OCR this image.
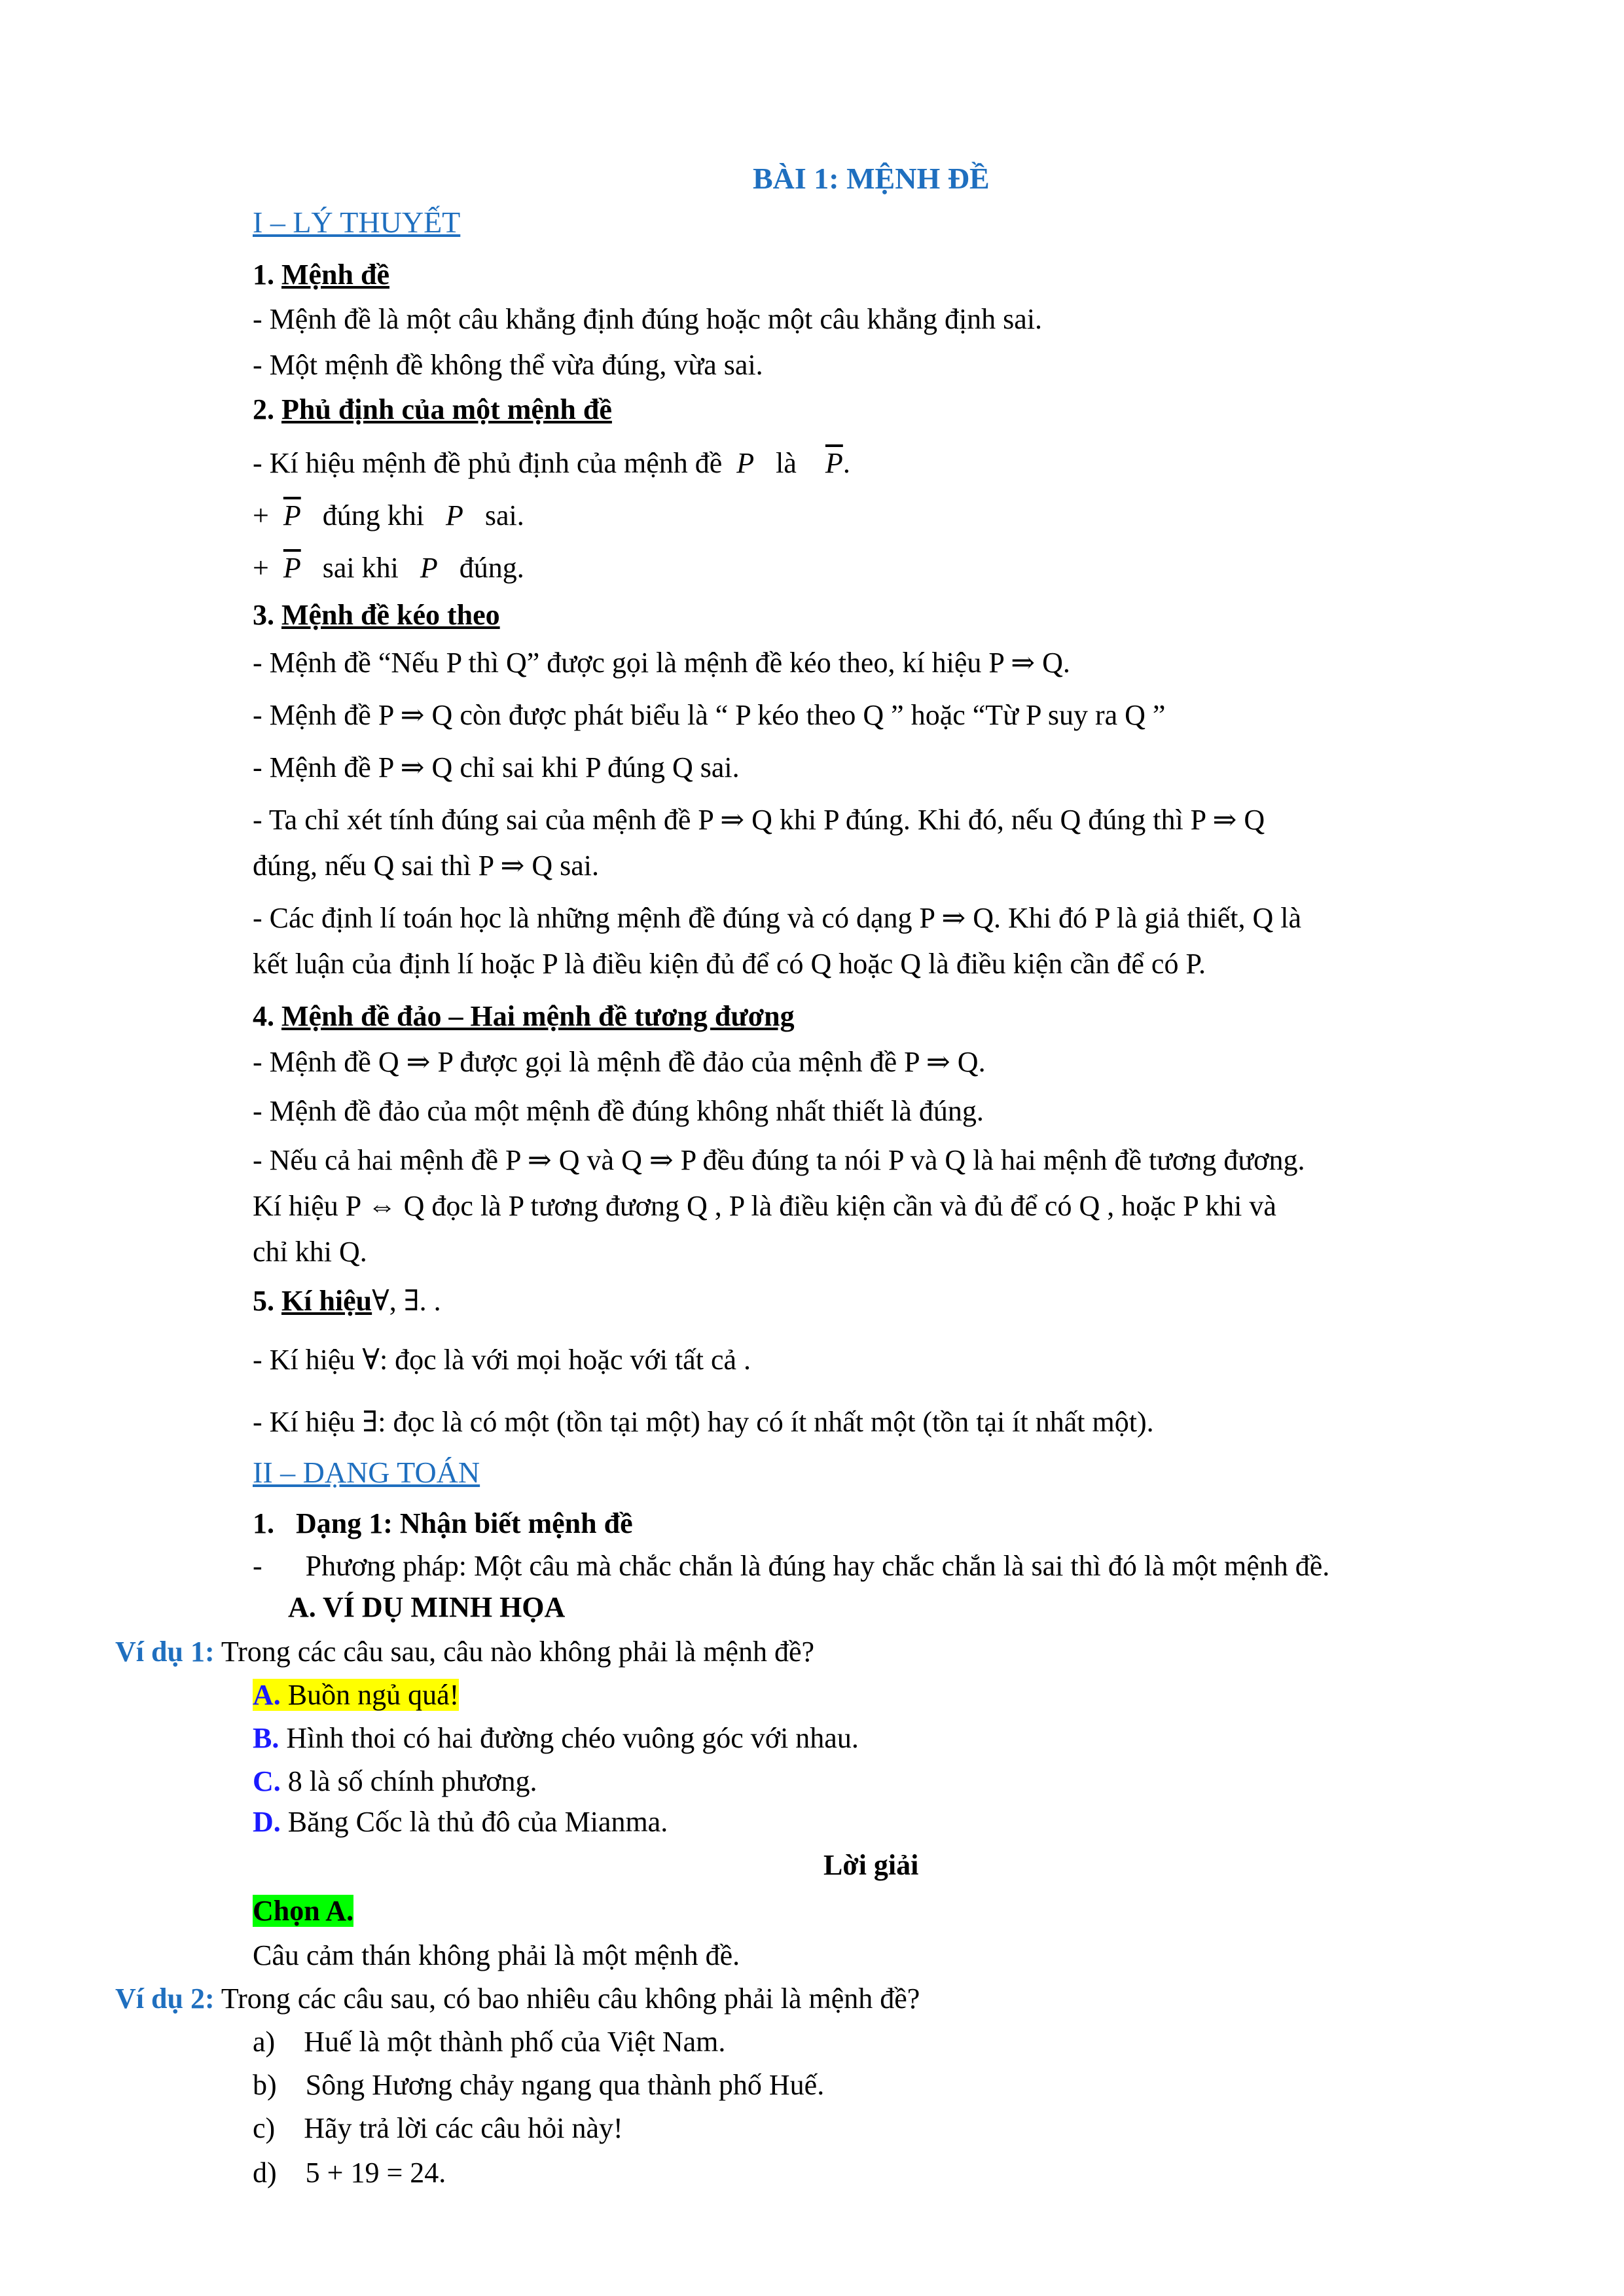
BÀI 1: MỆNH ĐỀ
I – LÝ THUYẾT
1. Mệnh đề
- Mệnh đề là một câu khẳng định đúng hoặc một câu khẳng định sai.
- Một mệnh đề không thể vừa đúng, vừa sai.
2. Phủ định của một mệnh đề
- Kí hiệu mệnh đề phủ định của mệnh đề  P   là $\overline{P}$.
+  $\overline{P}$ đúng khi   P   sai.
+  $\overline{P}$ sai khi   P   đúng.
3. Mệnh đề kéo theo
- Mệnh đề “Nếu P thì Q” được gọi là mệnh đề kéo theo, kí hiệu P ⇒ Q.
- Mệnh đề P ⇒ Q còn được phát biểu là “ P kéo theo Q ” hoặc “Từ P suy ra Q ”
- Mệnh đề P ⇒ Q chỉ sai khi P đúng Q sai.
- Ta chỉ xét tính đúng sai của mệnh đề P ⇒ Q khi P đúng. Khi đó, nếu Q đúng thì P ⇒ Q
đúng, nếu Q sai thì P ⇒ Q sai.
- Các định lí toán học là những mệnh đề đúng và có dạng P ⇒ Q. Khi đó P là giả thiết, Q là
kết luận của định lí hoặc P là điều kiện đủ để có Q hoặc Q là điều kiện cần để có P.
4. Mệnh đề đảo – Hai mệnh đề tương đương
- Mệnh đề Q ⇒ P được gọi là mệnh đề đảo của mệnh đề P ⇒ Q.
- Mệnh đề đảo của một mệnh đề đúng không nhất thiết là đúng.
- Nếu cả hai mệnh đề P ⇒ Q và Q ⇒ P đều đúng ta nói P và Q là hai mệnh đề tương đương.
Kí hiệu P ⇔ Q đọc là P tương đương Q , P là điều kiện cần và đủ để có Q , hoặc P khi và
chỉ khi Q.
5. Kí hiệu∀, ∃. .
- Kí hiệu ∀: đọc là với mọi hoặc với tất cả .
- Kí hiệu ∃: đọc là có một (tồn tại một) hay có ít nhất một (tồn tại ít nhất một).
II – DẠNG TOÁN
1. Dạng 1: Nhận biết mệnh đề
- Phương pháp: Một câu mà chắc chắn là đúng hay chắc chắn là sai thì đó là một mệnh đề.
A. VÍ DỤ MINH HỌA
Ví dụ 1: Trong các câu sau, câu nào không phải là mệnh đề?
A. Buồn ngủ quá!
B. Hình thoi có hai đường chéo vuông góc với nhau.
C. 8 là số chính phương.
D. Băng Cốc là thủ đô của Mianma.
Lời giải
Chọn A.
Câu cảm thán không phải là một mệnh đề.
Ví dụ 2: Trong các câu sau, có bao nhiêu câu không phải là mệnh đề?
a) Huế là một thành phố của Việt Nam.
b) Sông Hương chảy ngang qua thành phố Huế.
c) Hãy trả lời các câu hỏi này!
d) 5 + 19 = 24.
